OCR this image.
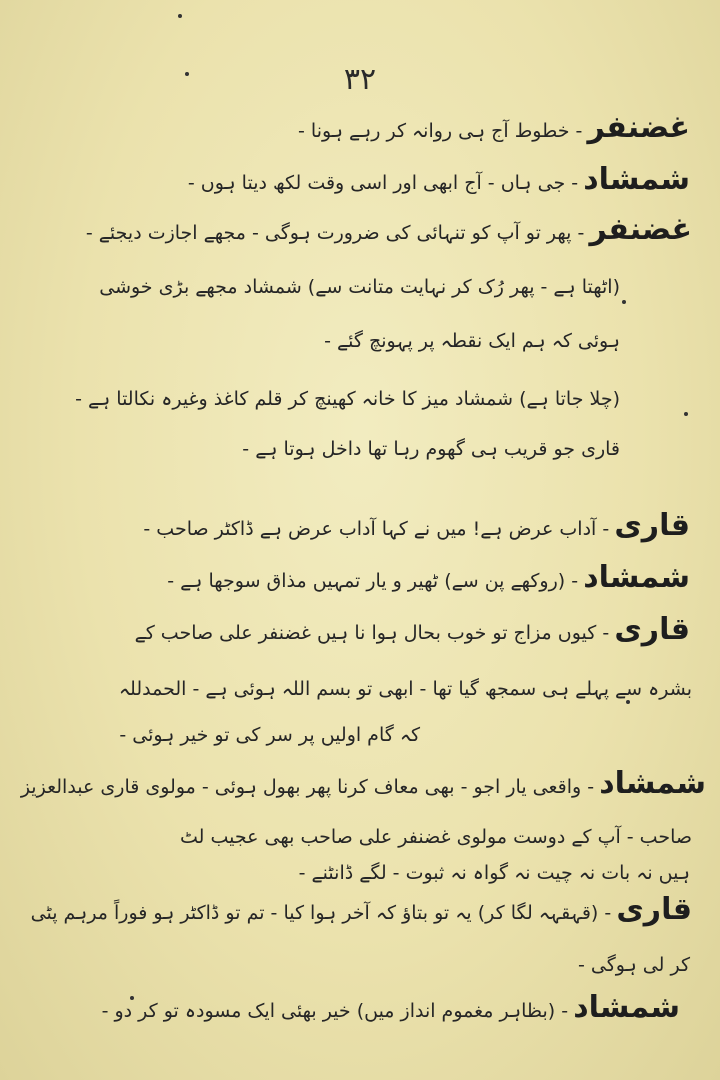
٣٢
غضنفر - خطوط آج ہی روانہ کر رہے ہونا -
شمشاد - جی ہاں - آج ابھی اور اسی وقت لکھ دیتا ہوں -
غضنفر - پھر تو آپ کو تنہائی کی ضرورت ہوگی - مجھے اجازت دیجئے -
(اٹھتا ہے - پھر رُک کر نہایت متانت سے) شمشاد مجھے بڑی خوشی
ہوئی کہ ہم ایک نقطہ پر پہونچ گئے -
(چلا جاتا ہے) شمشاد میز کا خانہ کھینچ کر قلم کاغذ وغیرہ نکالتا ہے -
قاری جو قریب ہی گھوم رہا تھا داخل ہوتا ہے -
قاری - آداب عرض ہے! میں نے کہا آداب عرض ہے ڈاکٹر صاحب -
شمشاد - (روکھے پن سے) ٹھیر و یار تمہیں مذاق سوجھا ہے -
قاری - کیوں مزاج تو خوب بحال ہوا نا ہیں غضنفر علی صاحب کے
بشرہ سے پہلے ہی سمجھ گیا تھا - ابھی تو بسم اللہ ہوئی ہے - الحمدللہ
کہ گام اولیں پر سر کی تو خیر ہوئی -
شمشاد - واقعی یار اجو - بھی معاف کرنا پھر بھول ہوئی - مولوی قاری عبدالعزیز
صاحب - آپ کے دوست مولوی غضنفر علی صاحب بھی عجیب لٹ
ہیں نہ بات نہ چیت نہ گواہ نہ ثبوت - لگے ڈانٹنے -
قاری - (قہقہہ لگا کر) یہ تو بتاؤ کہ آخر ہوا کیا - تم تو ڈاکٹر ہو فوراً مرہم پٹی
کر لی ہوگی -
شمشاد - (بظاہر مغموم انداز میں) خیر بھئی ایک مسودہ تو کر دو -
